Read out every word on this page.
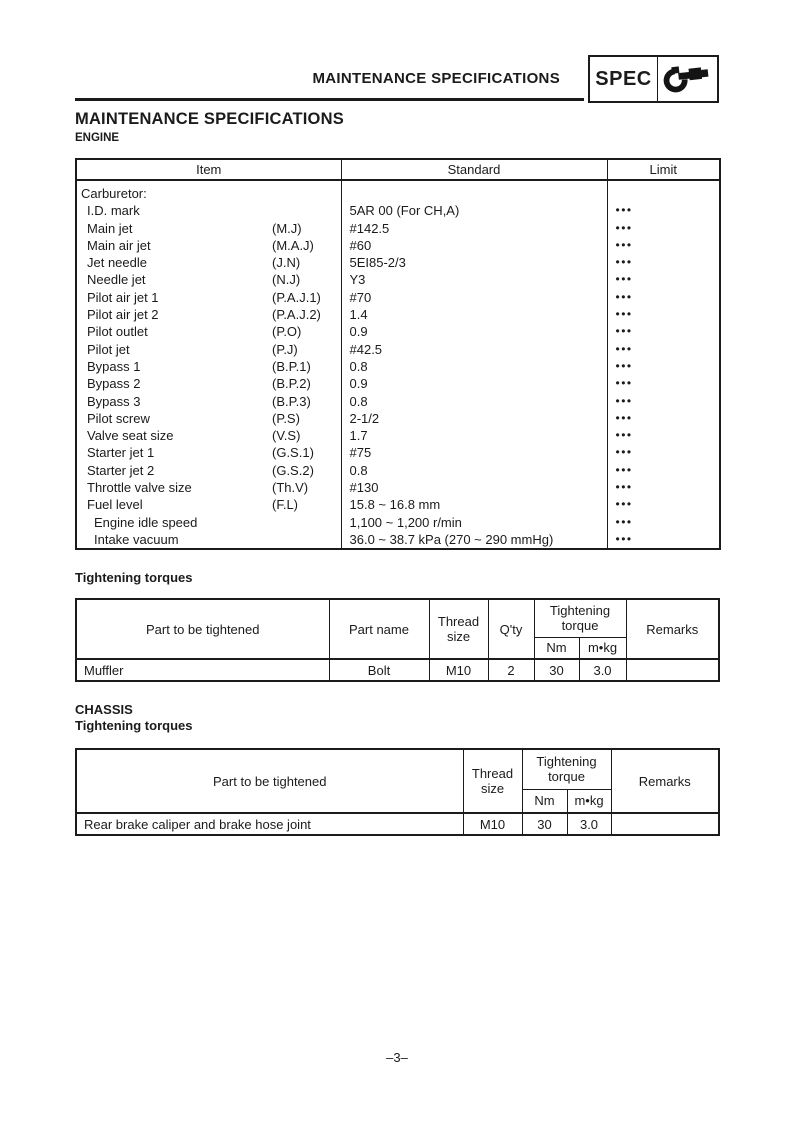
MAINTENANCE SPECIFICATIONS SPEC
MAINTENANCE SPECIFICATIONS
ENGINE
Item	Standard	Limit
Carburetor:

I.D. mark	5AR 00 (For CH,A)	•••
Main jet (M.J)	#142.5	•••
Main air jet (M.A.J)	#60	•••
Jet needle (J.N)	5EI85-2/3	•••
Needle jet (N.J)	Y3	•••
Pilot air jet 1 (P.A.J.1)	#70	•••
Pilot air jet 2 (P.A.J.2)	1.4	•••
Pilot outlet (P.O)	0.9	•••
Pilot jet (P.J)	#42.5	•••
Bypass 1 (B.P.1)	0.8	•••
Bypass 2 (B.P.2)	0.9	•••
Bypass 3 (B.P.3)	0.8	•••
Pilot screw (P.S)	2-1/2	•••
Valve seat size (V.S)	1.7	•••
Starter jet 1 (G.S.1)	#75	•••
Starter jet 2 (G.S.2)	0.8	•••
Throttle valve size (Th.V)	#130	•••
Fuel level (F.L)	15.8 ~ 16.8 mm	•••
Engine idle speed	1,100 ~ 1,200 r/min	•••
Intake vacuum	36.0 ~ 38.7 kPa (270 ~ 290 mmHg)	•••
Tightening torques
Part to be tightened	Part name	Thread size	Q'ty	Tightening torque		Remarks
				Nm	m•kg	
Muffler	Bolt	M10	2	30	3.0	
CHASSIS
Tightening torques
Part to be tightened	Thread size	Tightening torque		Remarks
		Nm	m•kg	
Rear brake caliper and brake hose joint	M10	30	3.0	
–3–
